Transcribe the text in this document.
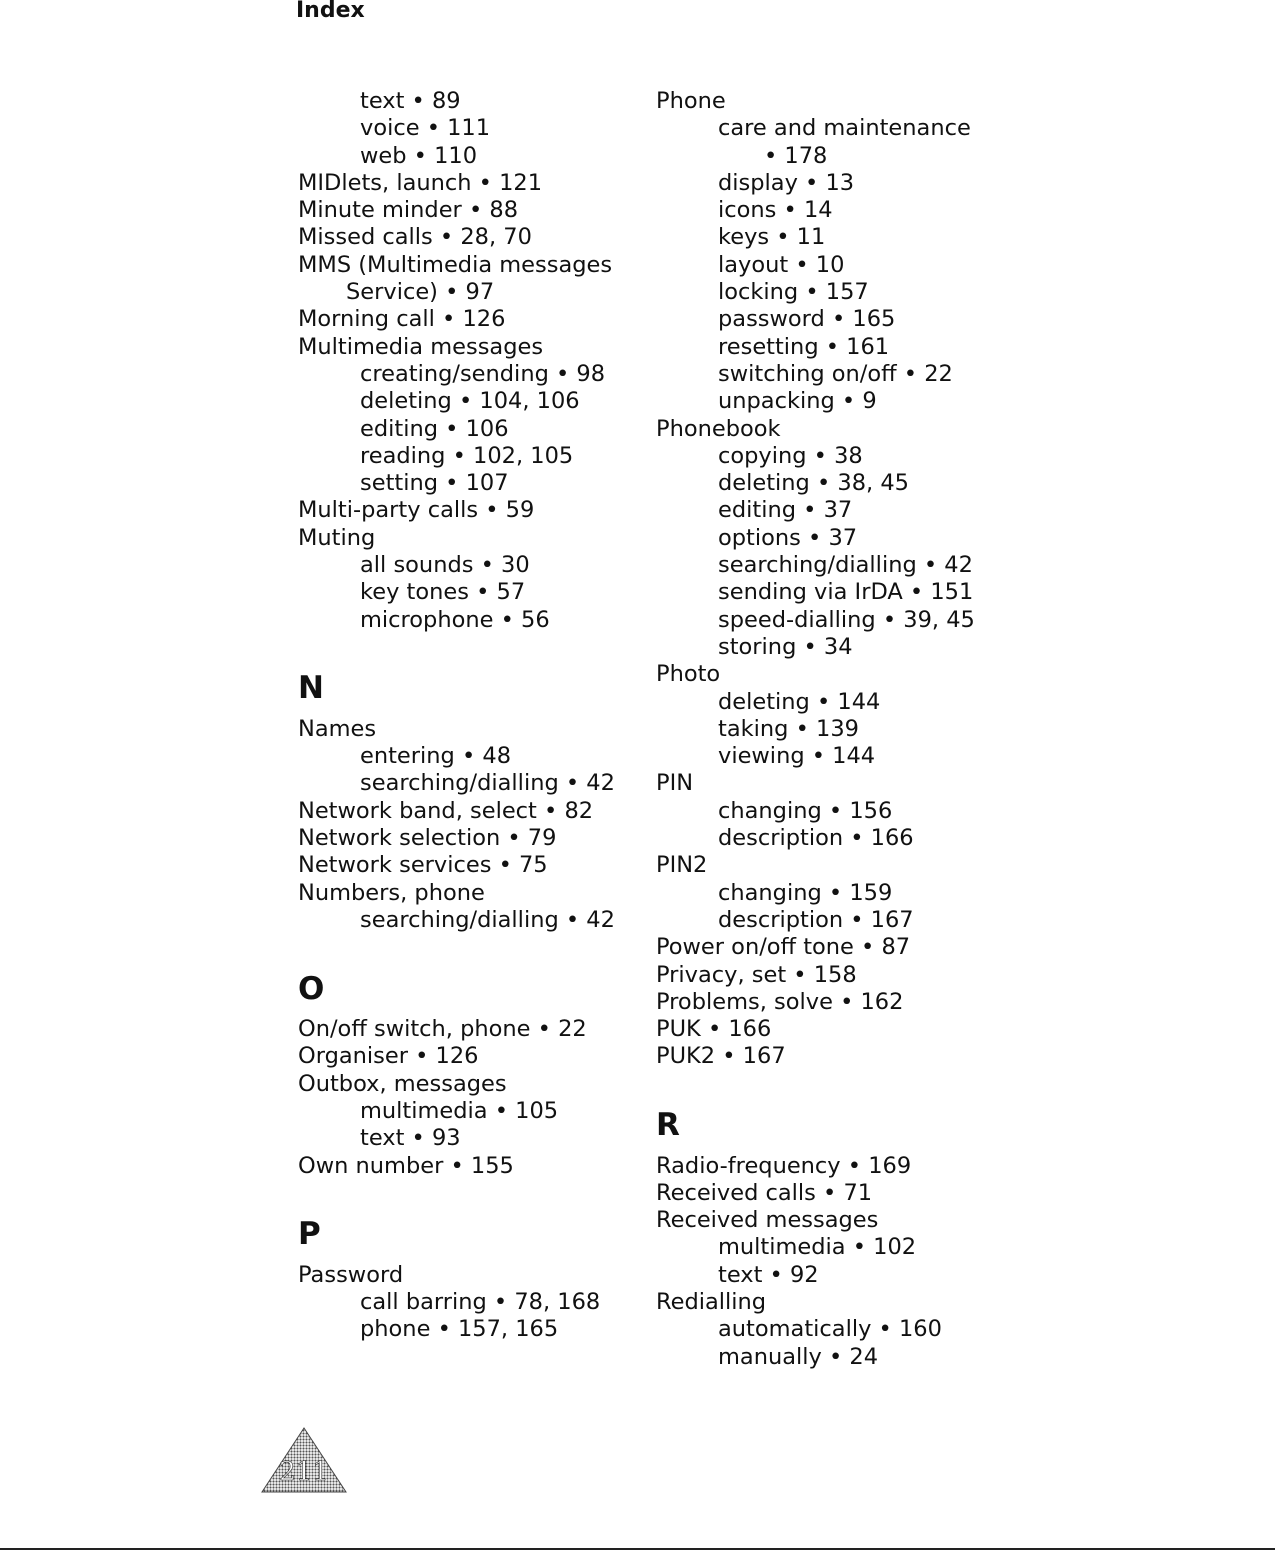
Index
text • 89
voice • 111
web • 110
MIDlets, launch • 121
Minute minder • 88
Missed calls • 28, 70
MMS (Multimedia messages
Service) • 97
Morning call • 126
Multimedia messages
creating/sending • 98
deleting • 104, 106
editing • 106
reading • 102, 105
setting • 107
Multi-party calls • 59
Muting
all sounds • 30
key tones • 57
microphone • 56
N
Names
entering • 48
searching/dialling • 42
Network band, select • 82
Network selection • 79
Network services • 75
Numbers, phone
searching/dialling • 42
O
On/off switch, phone • 22
Organiser • 126
Outbox, messages
multimedia • 105
text • 93
Own number • 155
P
Password
call barring • 78, 168
phone • 157, 165
Phone
care and maintenance
• 178
display • 13
icons • 14
keys • 11
layout • 10
locking • 157
password • 165
resetting • 161
switching on/off • 22
unpacking • 9
Phonebook
copying • 38
deleting • 38, 45
editing • 37
options • 37
searching/dialling • 42
sending via IrDA • 151
speed-dialling • 39, 45
storing • 34
Photo
deleting • 144
taking • 139
viewing • 144
PIN
changing • 156
description • 166
PIN2
changing • 159
description • 167
Power on/off tone • 87
Privacy, set • 158
Problems, solve • 162
PUK • 166
PUK2 • 167
R
Radio-frequency • 169
Received calls • 71
Received messages
multimedia • 102
text • 92
Redialling
automatically • 160
manually • 24
211
